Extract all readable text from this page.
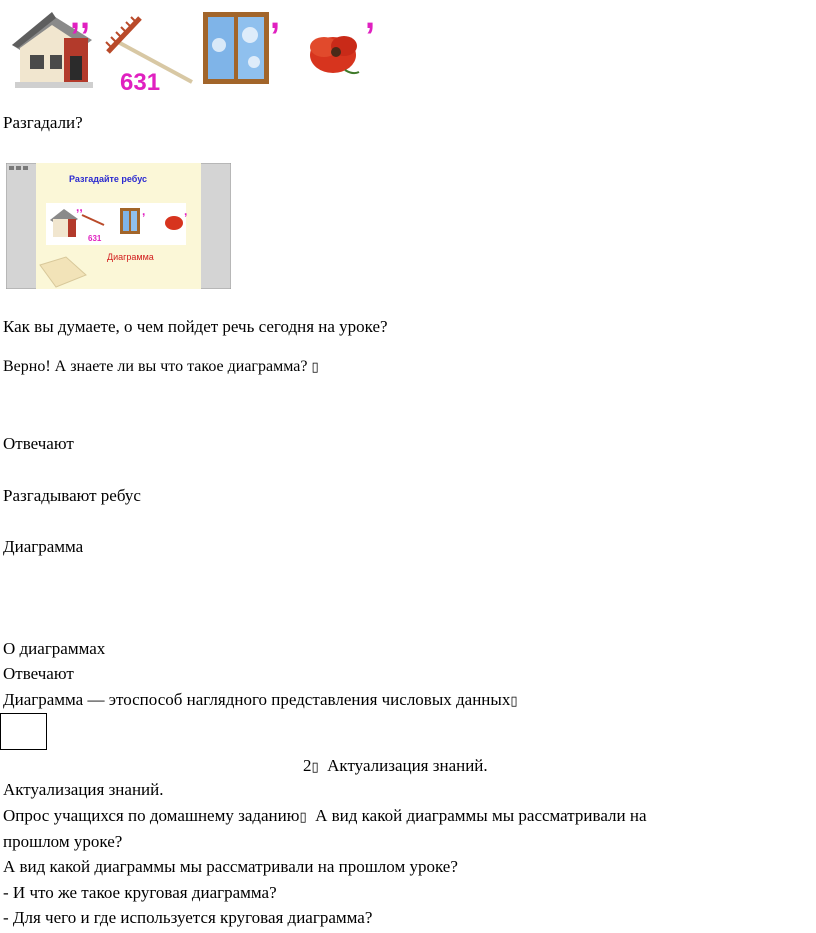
,,
631
, ,
Разгадали?
Разгадайте ребус
,,
631
,	,
Диаграмма
Как вы думаете, о чем пойдет речь сегодня на уроке?
Верно! А знаете ли вы что такое диаграмма? ▯
Отвечают
Разгадывают ребус
Диаграмма
О диаграммах
Отвечают
Диаграмма — этоспособ наглядного представления числовых данных▯
2▯ Актуализация знаний.
Актуализация знаний.
Опрос учащихся по домашнему заданию▯ А вид какой диаграммы мы рассматривали на
прошлом уроке?
А вид какой диаграммы мы рассматривали на прошлом уроке?
- И что же такое круговая диаграмма?
- Для чего и где используется круговая диаграмма?
